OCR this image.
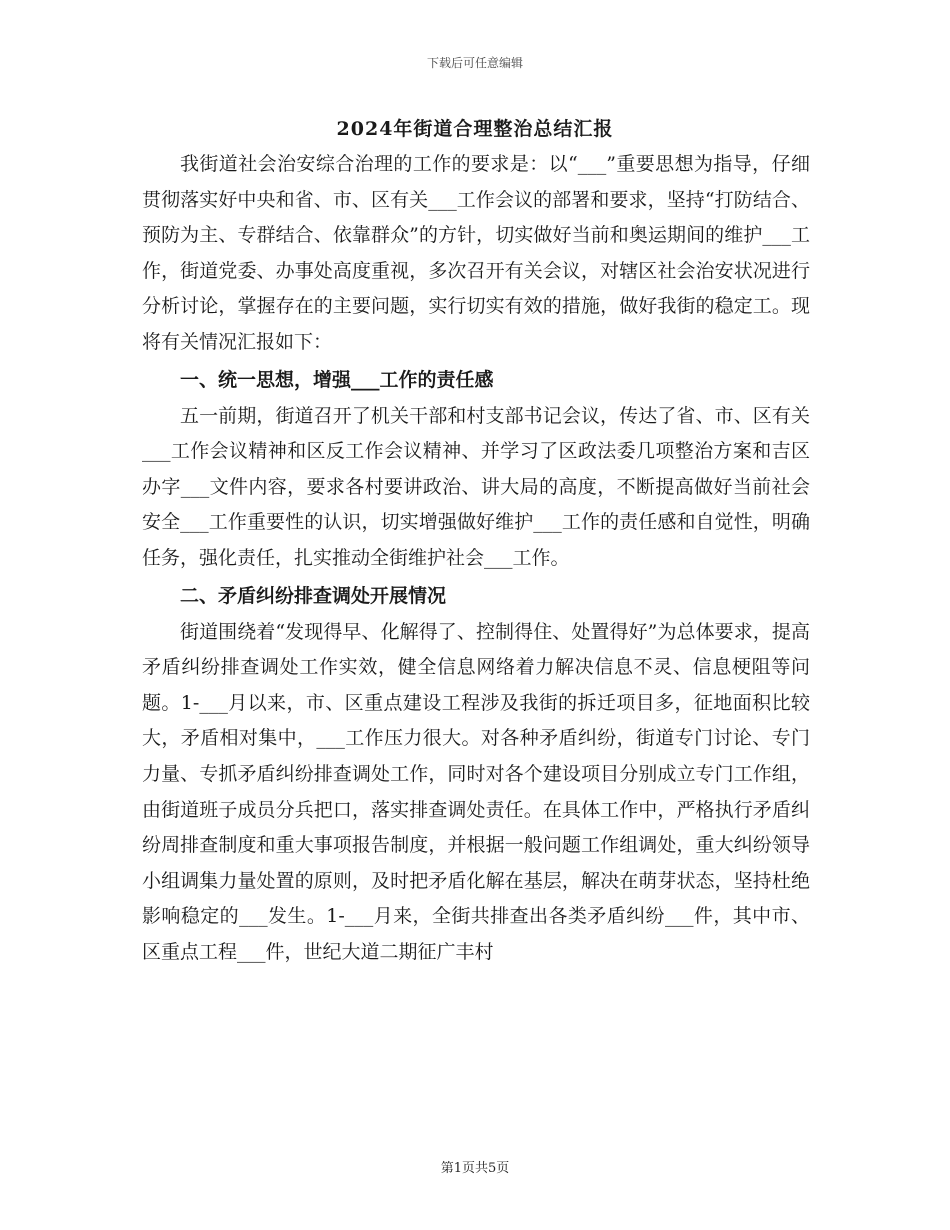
下载后可任意编辑
2024年街道合理整治总结汇报

我街道社会治安综合治理的工作的要求是：以“___”重要思想为指导，仔细贯彻落实好中央和省、市、区有关___工作会议的部署和要求，坚持“打防结合、预防为主、专群结合、依靠群众”的方针，切实做好当前和奥运期间的维护___工作，街道党委、办事处高度重视，多次召开有关会议，对辖区社会治安状况进行分析讨论，掌握存在的主要问题，实行切实有效的措施，做好我街的稳定工。现将有关情况汇报如下：

一、统一思想，增强___工作的责任感

五一前期，街道召开了机关干部和村支部书记会议，传达了省、市、区有关___工作会议精神和区反工作会议精神、并学习了区政法委几项整治方案和吉区办字___文件内容，要求各村要讲政治、讲大局的高度，不断提高做好当前社会安全___工作重要性的认识，切实增强做好维护___工作的责任感和自觉性，明确任务，强化责任，扎实推动全街维护社会___工作。

二、矛盾纠纷排查调处开展情况

街道围绕着“发现得早、化解得了、控制得住、处置得好”为总体要求，提高矛盾纠纷排查调处工作实效，健全信息网络着力解决信息不灵、信息梗阻等问题。1-___月以来，市、区重点建设工程涉及我街的拆迁项目多，征地面积比较大，矛盾相对集中，___工作压力很大。对各种矛盾纠纷，街道专门讨论、专门力量、专抓矛盾纠纷排查调处工作，同时对各个建设项目分别成立专门工作组，由街道班子成员分兵把口，落实排查调处责任。在具体工作中，严格执行矛盾纠纷周排查制度和重大事项报告制度，并根据一般问题工作组调处，重大纠纷领导小组调集力量处置的原则，及时把矛盾化解在基层，解决在萌芽状态，坚持杜绝影响稳定的___发生。1-___月来，全街共排查出各类矛盾纠纷___件，其中市、区重点工程___件，世纪大道二期征广丰村

第1页共5页
